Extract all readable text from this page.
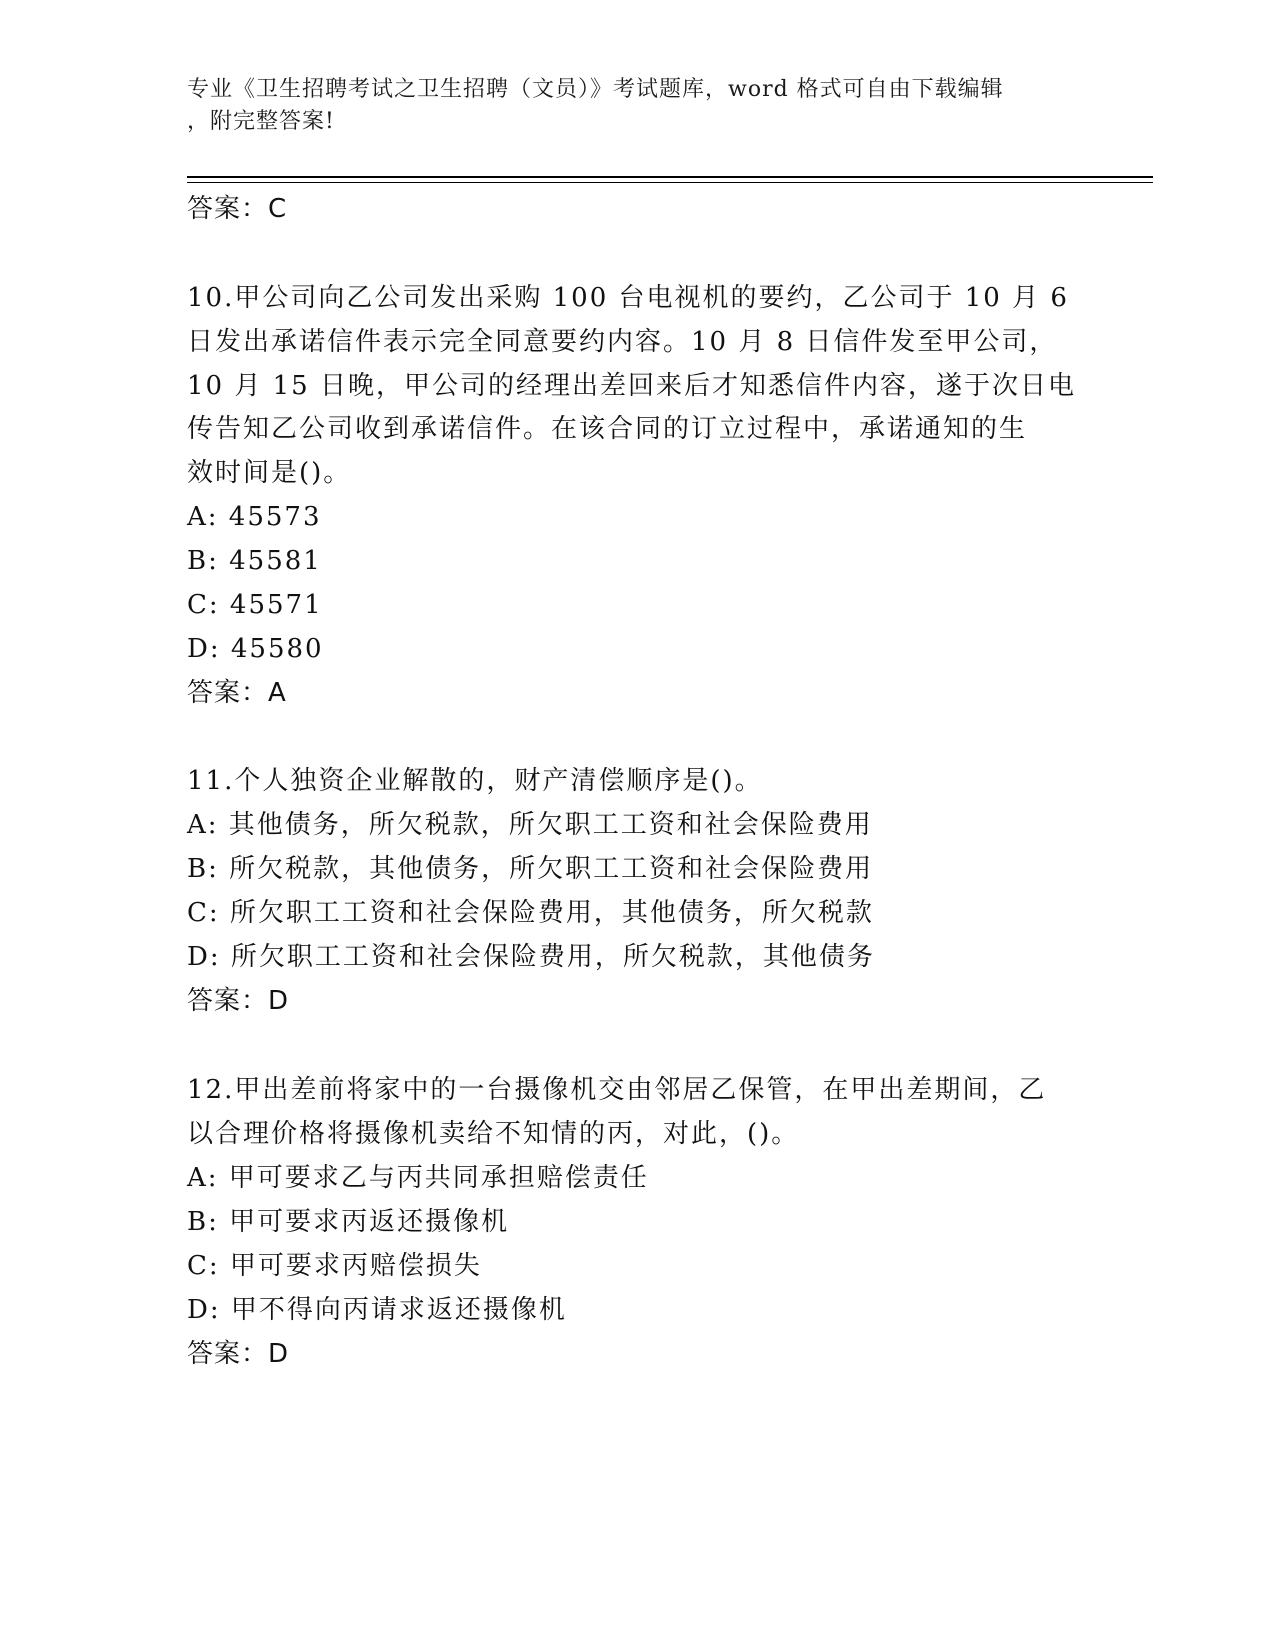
专业《卫生招聘考试之卫生招聘（文员）》考试题库，word 格式可自由下载编辑
，附完整答案!
答案：C
10.甲公司向乙公司发出采购 100 台电视机的要约，乙公司于 10 月 6
日发出承诺信件表示完全同意要约内容。10 月 8 日信件发至甲公司，
10 月 15 日晚，甲公司的经理出差回来后才知悉信件内容，遂于次日电
传告知乙公司收到承诺信件。在该合同的订立过程中，承诺通知的生
效时间是()。
A: 45573
B: 45581
C: 45571
D: 45580
答案：A
11.个人独资企业解散的，财产清偿顺序是()。
A: 其他债务，所欠税款，所欠职工工资和社会保险费用
B: 所欠税款，其他债务，所欠职工工资和社会保险费用
C: 所欠职工工资和社会保险费用，其他债务，所欠税款
D: 所欠职工工资和社会保险费用，所欠税款，其他债务
答案：D
12.甲出差前将家中的一台摄像机交由邻居乙保管，在甲出差期间，乙
以合理价格将摄像机卖给不知情的丙，对此，()。
A: 甲可要求乙与丙共同承担赔偿责任
B: 甲可要求丙返还摄像机
C: 甲可要求丙赔偿损失
D: 甲不得向丙请求返还摄像机
答案：D
